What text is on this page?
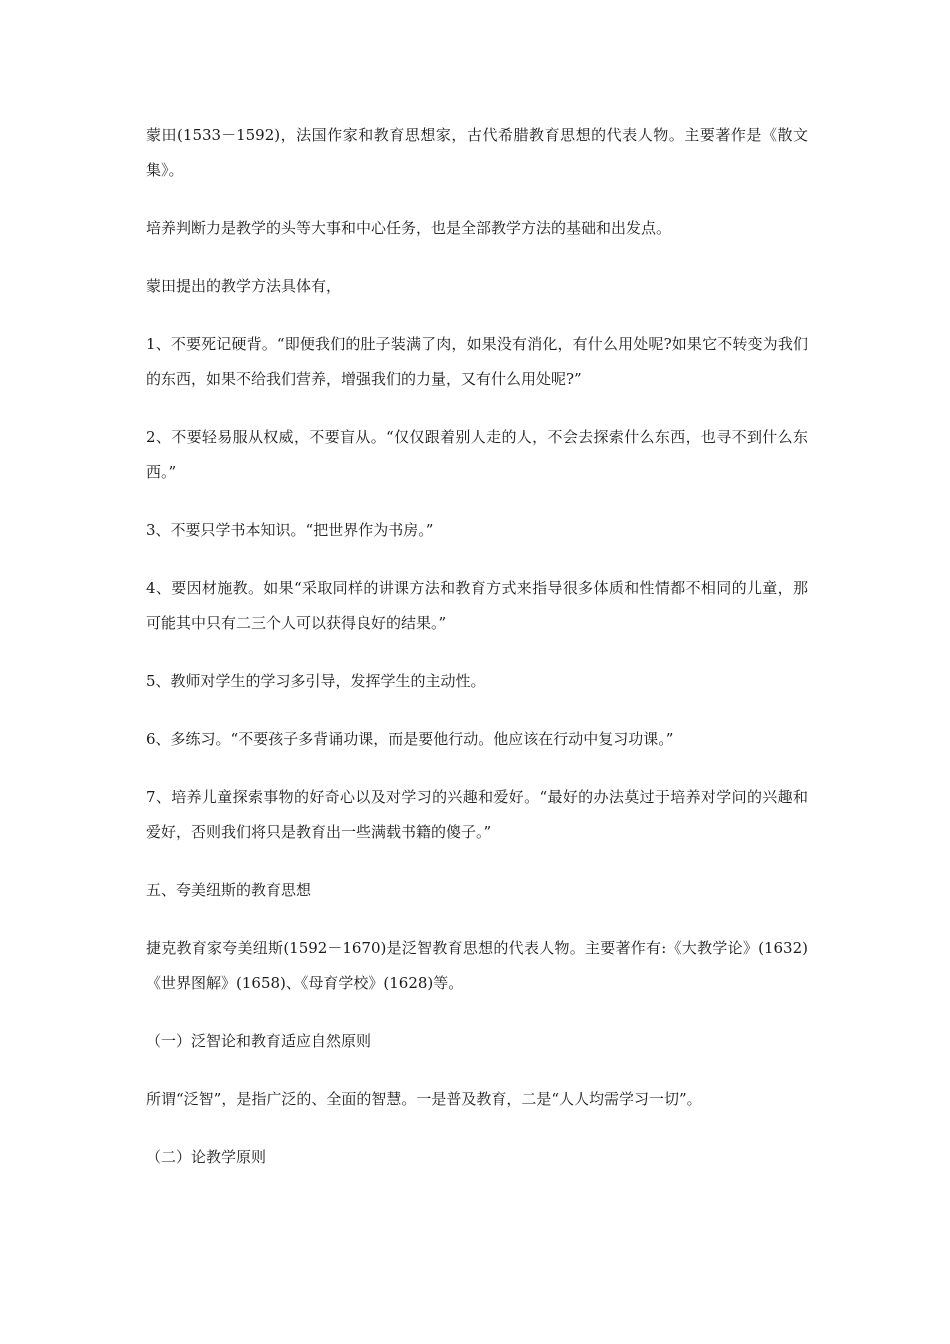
蒙田(1533－1592)，法国作家和教育思想家，古代希腊教育思想的代表人物。主要著作是《散文集》。

培养判断力是教学的头等大事和中心任务，也是全部教学方法的基础和出发点。

蒙田提出的教学方法具体有，

1、不要死记硬背。“即便我们的肚子装满了肉，如果没有消化，有什么用处呢?如果它不转变为我们的东西，如果不给我们营养，增强我们的力量，又有什么用处呢?”

2、不要轻易服从权威，不要盲从。“仅仅跟着别人走的人，不会去探索什么东西，也寻不到什么东西。”

3、不要只学书本知识。“把世界作为书房。”

4、要因材施教。如果“采取同样的讲课方法和教育方式来指导很多体质和性情都不相同的儿童，那可能其中只有二三个人可以获得良好的结果。”

5、教师对学生的学习多引导，发挥学生的主动性。

6、多练习。“不要孩子多背诵功课，而是要他行动。他应该在行动中复习功课。”

7、培养儿童探索事物的好奇心以及对学习的兴趣和爱好。“最好的办法莫过于培养对学问的兴趣和爱好，否则我们将只是教育出一些满载书籍的傻子。”

五、夸美纽斯的教育思想

捷克教育家夸美纽斯(1592－1670)是泛智教育思想的代表人物。主要著作有:《大教学论》(1632)《世界图解》(1658)、《母育学校》(1628)等。

（一）泛智论和教育适应自然原则

所谓“泛智”，是指广泛的、全面的智慧。一是普及教育，二是“人人均需学习一切”。

（二）论教学原则
